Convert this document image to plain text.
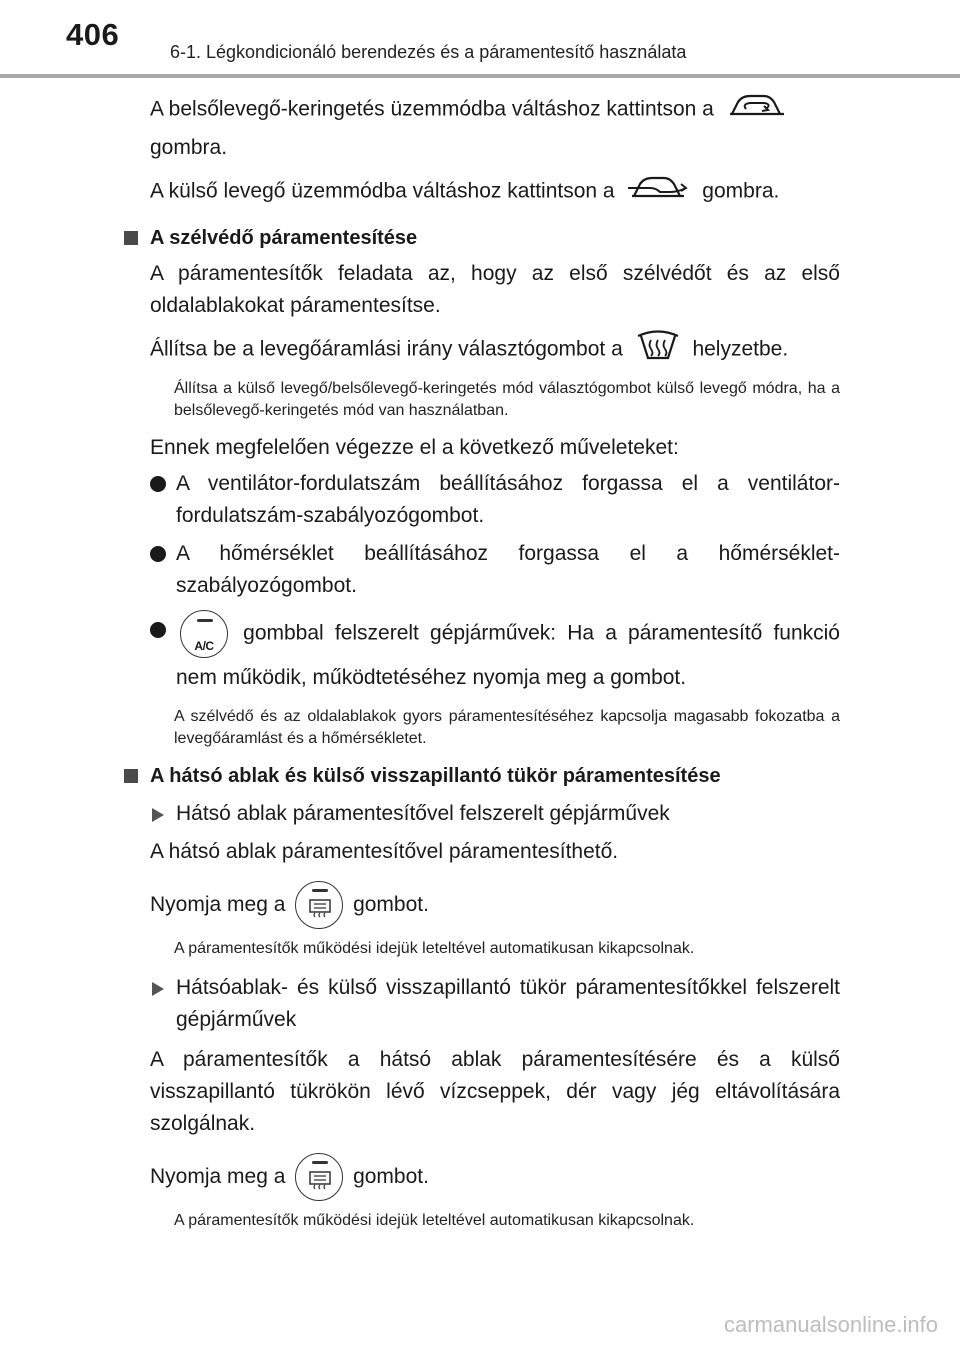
406	6-1. Légkondicionáló berendezés és a páramentesítő használata

A belsőlevegő-keringetés üzemmódba váltáshoz kattintson a
gombra.

A külső levegő üzemmódba váltáshoz kattintson a	gombra.

A szélvédő páramentesítése

A páramentesítők feladata az, hogy az első szélvédőt és az első oldalablakokat páramentesítse.

Állítsa be a levegőáramlási irány választógombot a	helyzetbe.

Állítsa a külső levegő/belsőlevegő-keringetés mód választógombot külső levegő módra, ha a belsőlevegő-keringetés mód van használatban.

Ennek megfelelően végezze el a következő műveleteket:

A ventilátor-fordulatszám beállításához forgassa el a ventilátor-fordulatszám-szabályozógombot.

A hőmérséklet beállításához forgassa el a hőmérséklet-szabályozógombot.

A/C
gombbal felszerelt gépjárművek: Ha a páramentesítő funkció nem működik, működtetéséhez nyomja meg a gombot.

A szélvédő és az oldalablakok gyors páramentesítéséhez kapcsolja magasabb fokozatba a levegőáramlást és a hőmérsékletet.

A hátsó ablak és külső visszapillantó tükör páramentesítése

Hátsó ablak páramentesítővel felszerelt gépjárművek

A hátsó ablak páramentesítővel páramentesíthető.

Nyomja meg a	gombot.

A páramentesítők működési idejük leteltével automatikusan kikapcsolnak.

Hátsóablak- és külső visszapillantó tükör páramentesítőkkel felszerelt gépjárművek

A páramentesítők a hátsó ablak páramentesítésére és a külső visszapillantó tükrökön lévő vízcseppek, dér vagy jég eltávolítására szolgálnak.

Nyomja meg a	gombot.

A páramentesítők működési idejük leteltével automatikusan kikapcsolnak.

carmanualsonline.info
